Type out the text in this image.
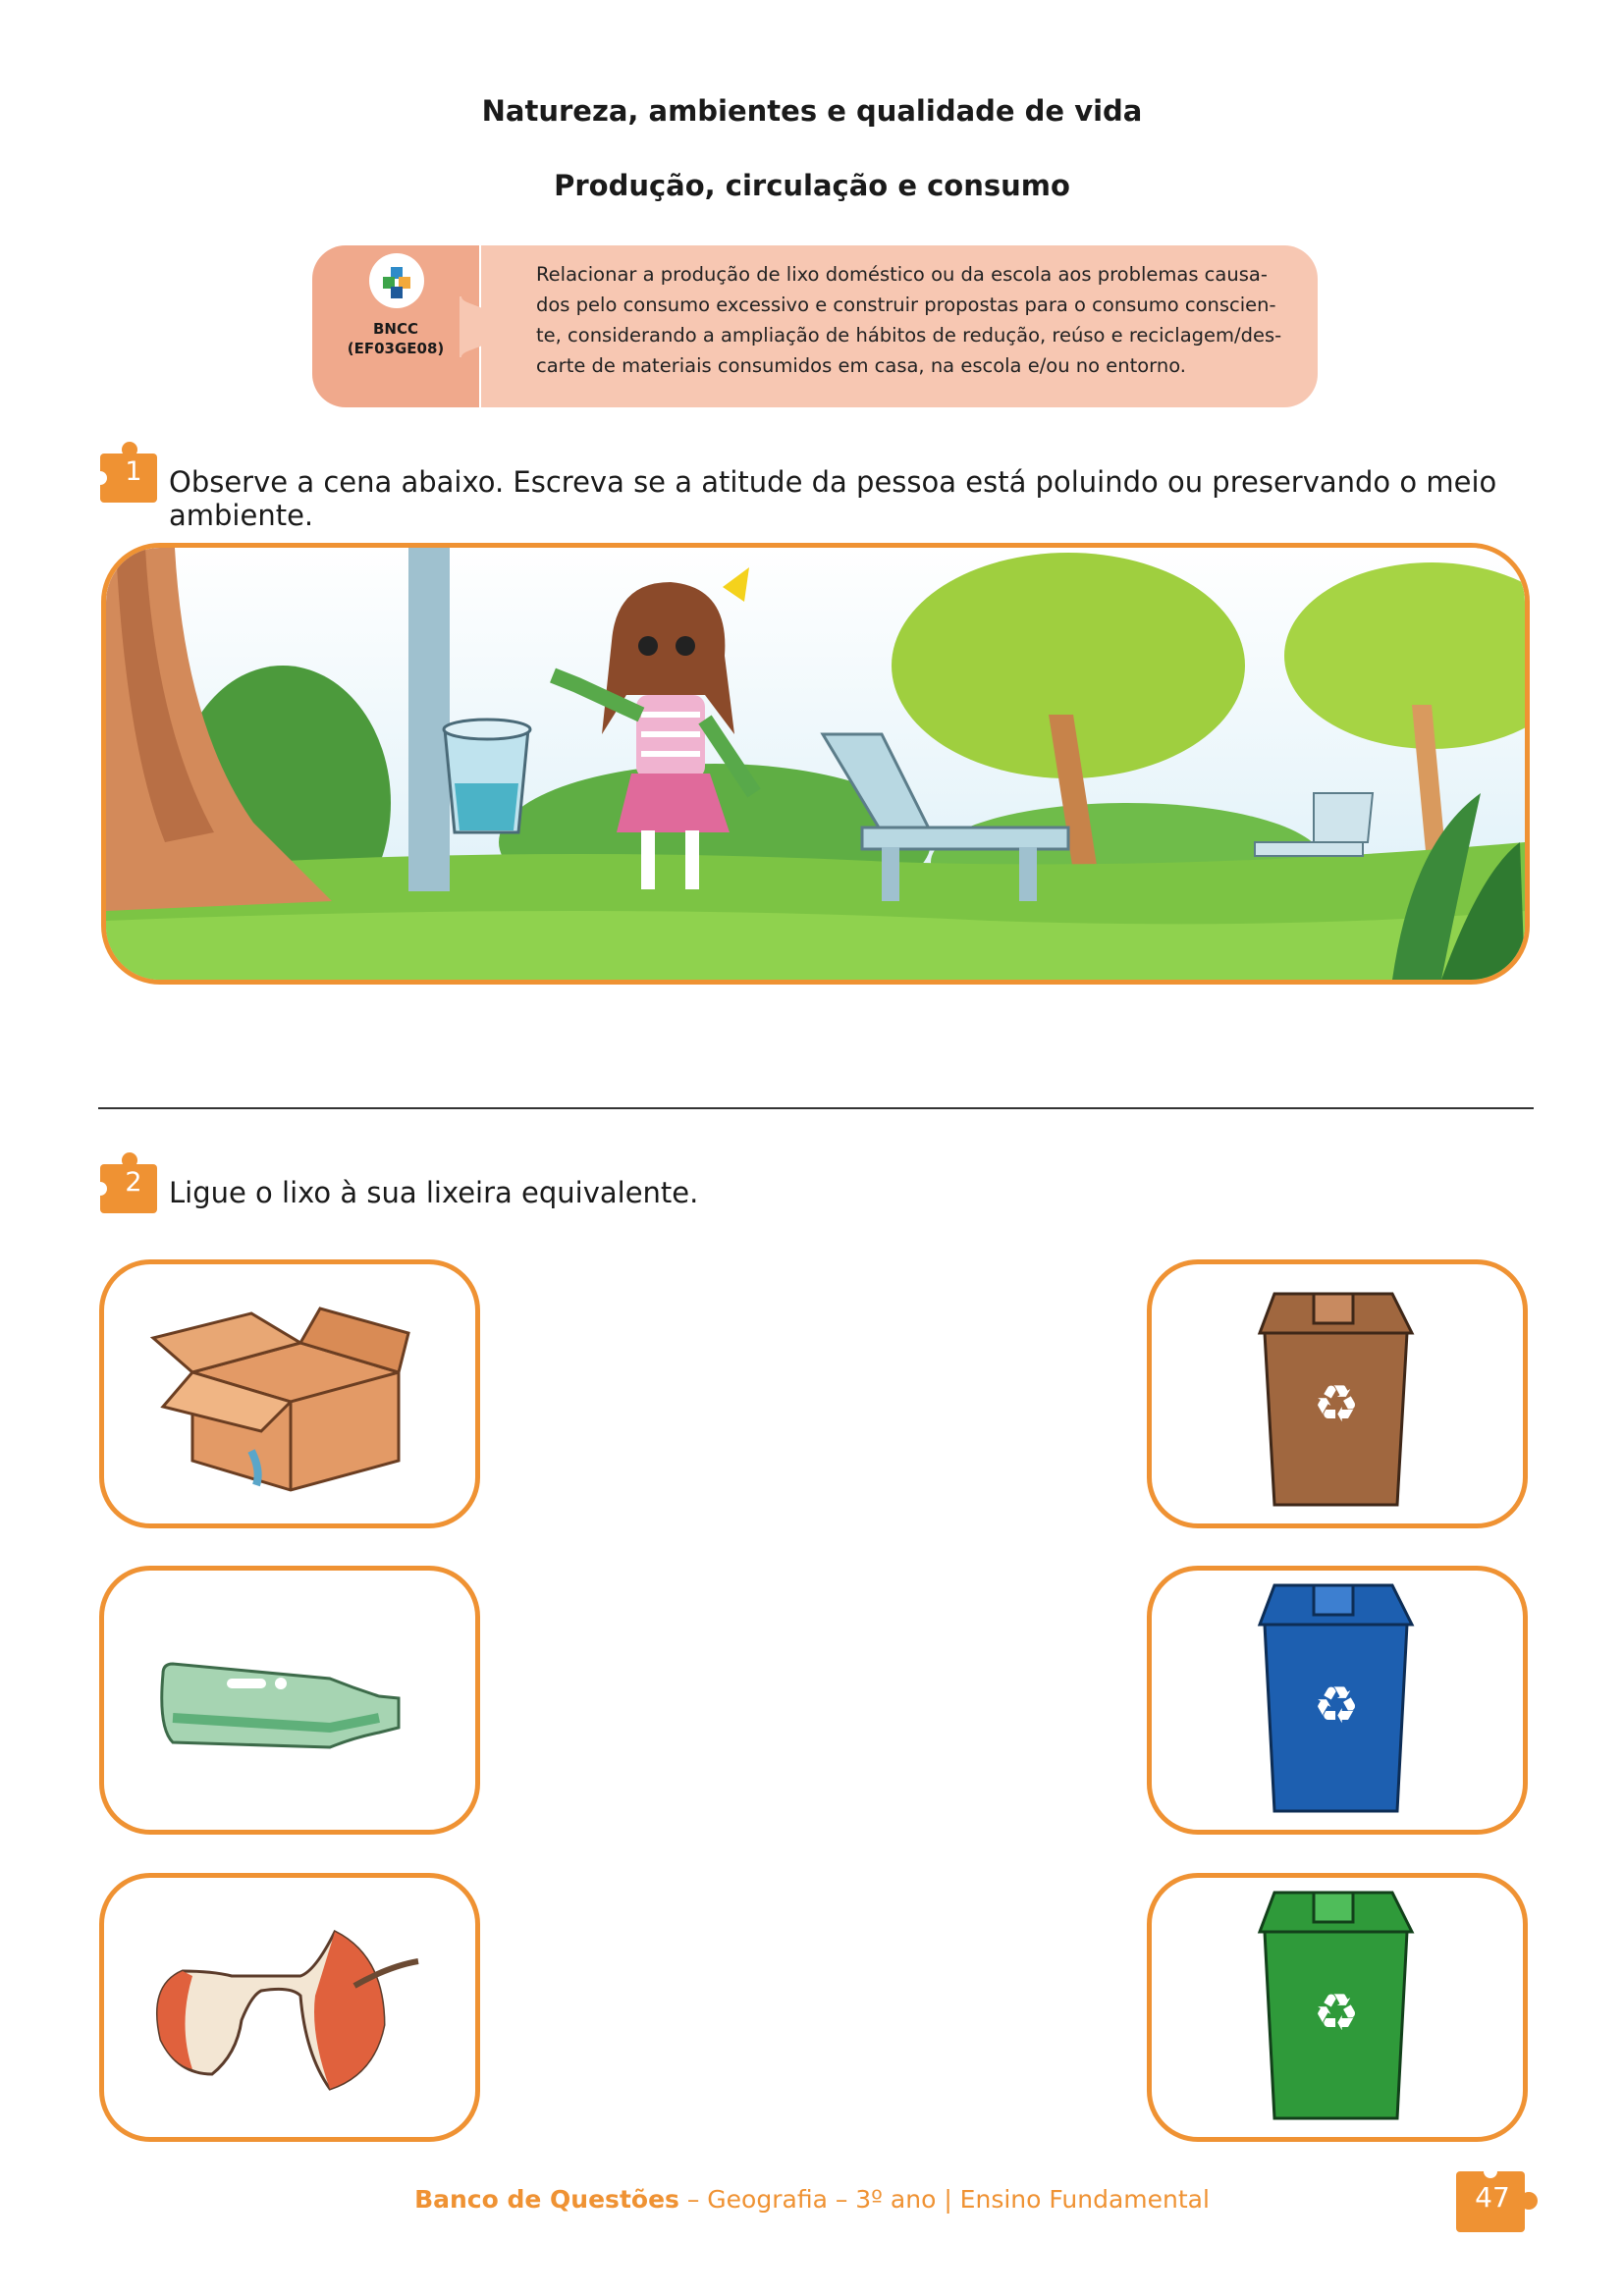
Natureza, ambientes e qualidade de vida
Produção, circulação e consumo
BNCC
(EF03GE08)
Relacionar a produção de lixo doméstico ou da escola aos problemas causa-
dos pelo consumo excessivo e construir propostas para o consumo conscien-
te, considerando a ampliação de hábitos de redução, reúso e reciclagem/des-
carte de materiais consumidos em casa, na escola e/ou no entorno.
1 Observe a cena abaixo. Escreva se a atitude da pessoa está poluindo ou preservando o meio ambiente.
2 Ligue o lixo à sua lixeira equivalente.
♻
♻
♻
Banco de Questões – Geografia – 3º ano | Ensino Fundamental	47
